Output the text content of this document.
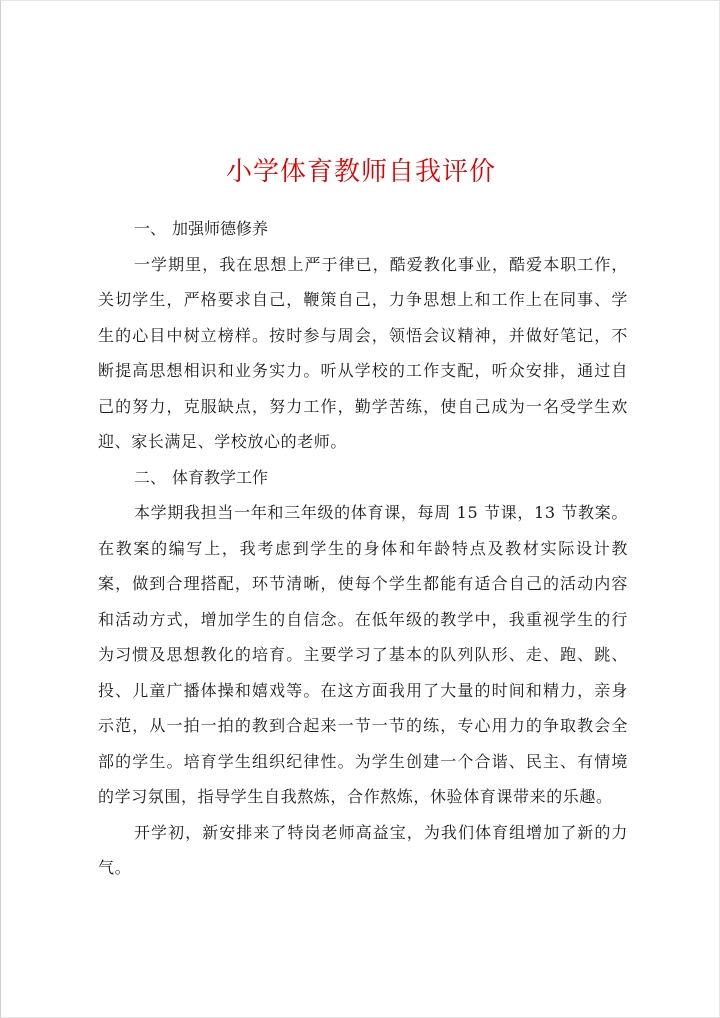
小学体育教师自我评价
一、 加强师德修养

一学期里，我在思想上严于律已，酷爱教化事业，酷爱本职工作，关切学生，严格要求自己，鞭策自己，力争思想上和工作上在同事、学生的心目中树立榜样。按时参与周会，领悟会议精神，并做好笔记，不断提高思想相识和业务实力。听从学校的工作支配，听众安排，通过自己的努力，克服缺点，努力工作，勤学苦练，使自己成为一名受学生欢迎、家长满足、学校放心的老师。

二、 体育教学工作

本学期我担当一年和三年级的体育课，每周 15 节课，13 节教案。在教案的编写上，我考虑到学生的身体和年龄特点及教材实际设计教案，做到合理搭配，环节清晰，使每个学生都能有适合自己的活动内容和活动方式，增加学生的自信念。在低年级的教学中，我重视学生的行为习惯及思想教化的培育。主要学习了基本的队列队形、走、跑、跳、投、儿童广播体操和嬉戏等。在这方面我用了大量的时间和精力，亲身示范，从一拍一拍的教到合起来一节一节的练，专心用力的争取教会全部的学生。培育学生组织纪律性。为学生创建一个合谐、民主、有情境的学习氛围，指导学生自我熬炼，合作熬炼，休验体育课带来的乐趣。

开学初，新安排来了特岗老师高益宝，为我们体育组增加了新的力气。
